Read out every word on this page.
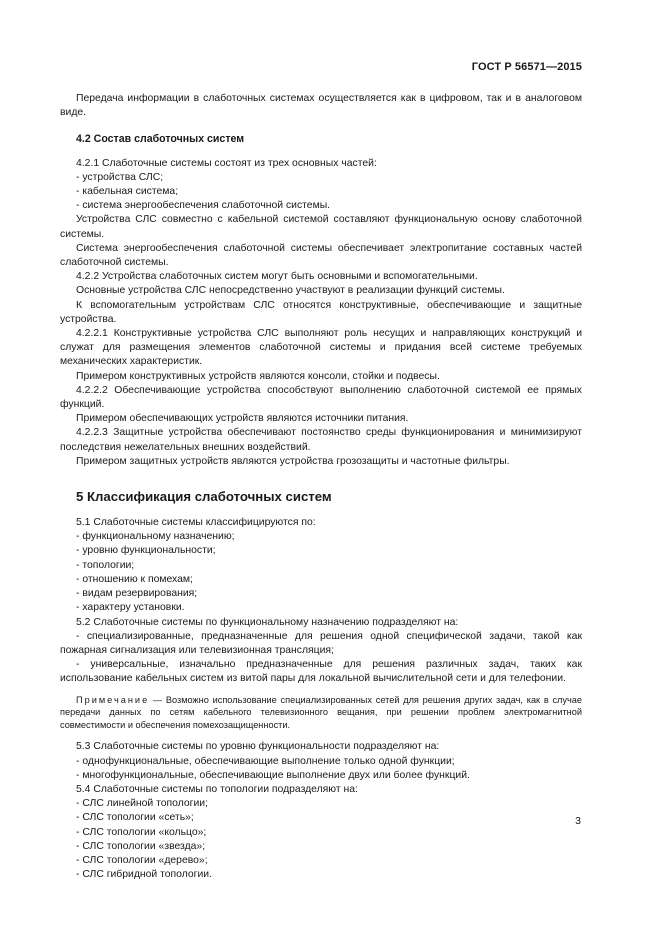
ГОСТ Р 56571—2015

Передача информации в слаботочных системах осуществляется как в цифровом, так и в аналоговом виде.

4.2 Состав слаботочных систем

4.2.1 Слаботочные системы состоят из трех основных частей:

- устройства СЛС;
- кабельная система;
- система энергообеспечения слаботочной системы.

Устройства СЛС совместно с кабельной системой составляют функциональную основу слаботочной системы.

Система энергообеспечения слаботочной системы обеспечивает электропитание составных частей слаботочной системы.

4.2.2 Устройства слаботочных систем могут быть основными и вспомогательными.

Основные устройства СЛС непосредственно участвуют в реализации функций системы.

К вспомогательным устройствам СЛС относятся конструктивные, обеспечивающие и защитные устройства.

4.2.2.1 Конструктивные устройства СЛС выполняют роль несущих и направляющих конструкций и служат для размещения элементов слаботочной системы и придания всей системе требуемых механических характеристик.

Примером конструктивных устройств являются консоли, стойки и подвесы.

4.2.2.2 Обеспечивающие устройства способствуют выполнению слаботочной системой ее прямых функций.

Примером обеспечивающих устройств являются источники питания.

4.2.2.3 Защитные устройства обеспечивают постоянство среды функционирования и минимизируют последствия нежелательных внешних воздействий.

Примером защитных устройств являются устройства грозозащиты и частотные фильтры.

5 Классификация слаботочных систем

5.1 Слаботочные системы классифицируются по:

- функциональному назначению;
- уровню функциональности;
- топологии;
- отношению к помехам;
- видам резервирования;
- характеру установки.

5.2 Слаботочные системы по функциональному назначению подразделяют на:

- специализированные, предназначенные для решения одной специфической задачи, такой как пожарная сигнализация или телевизионная трансляция;

- универсальные, изначально предназначенные для решения различных задач, таких как использование кабельных систем из витой пары для локальной вычислительной сети и для телефонии.

Примечание — Возможно использование специализированных сетей для решения других задач, как в случае передачи данных по сетям кабельного телевизионного вещания, при решении проблем электромагнитной совместимости и обеспечения помехозащищенности.

5.3 Слаботочные системы по уровню функциональности подразделяют на:

- однофункциональные, обеспечивающие выполнение только одной функции;
- многофункциональные, обеспечивающие выполнение двух или более функций.

5.4 Слаботочные системы по топологии подразделяют на:

- СЛС линейной топологии;
- СЛС топологии «сеть»;
- СЛС топологии «кольцо»;
- СЛС топологии «звезда»;
- СЛС топологии «дерево»;
- СЛС гибридной топологии.
3
